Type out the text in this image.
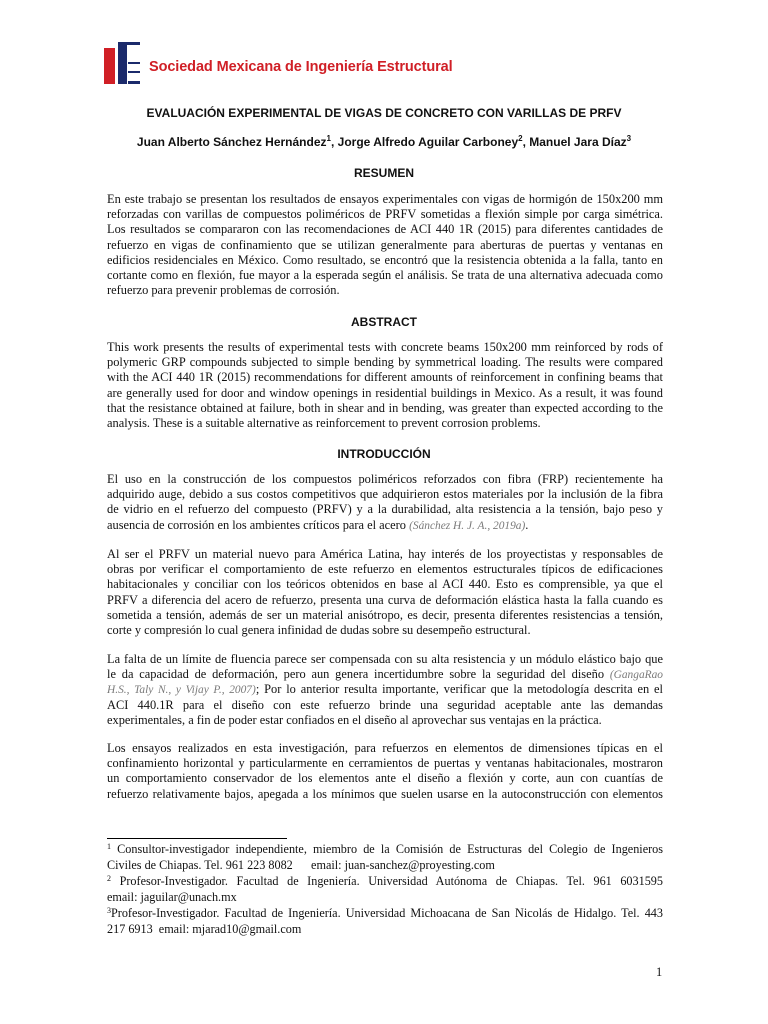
Sociedad Mexicana de Ingeniería Estructural
EVALUACIÓN EXPERIMENTAL DE VIGAS DE CONCRETO CON VARILLAS DE PRFV
Juan Alberto Sánchez Hernández$^1$, Jorge Alfredo Aguilar Carboney$^2$, Manuel Jara Díaz$^3$
RESUMEN
En este trabajo se presentan los resultados de ensayos experimentales con vigas de hormigón de 150x200 mm
reforzadas con varillas de compuestos poliméricos de PRFV sometidas a flexión simple por carga simétrica.
Los resultados se compararon con las recomendaciones de ACI 440 1R (2015) para diferentes cantidades de
refuerzo en vigas de confinamiento que se utilizan generalmente para aberturas de puertas y ventanas en
edificios residenciales en México. Como resultado, se encontró que la resistencia obtenida a la falla, tanto en
cortante como en flexión, fue mayor a la esperada según el análisis. Se trata de una alternativa adecuada como
refuerzo para prevenir problemas de corrosión.
ABSTRACT
This work presents the results of experimental tests with concrete beams 150x200 mm reinforced by rods of
polymeric GRP compounds subjected to simple bending by symmetrical loading. The results were compared
with the ACI 440 1R (2015) recommendations for different amounts of reinforcement in confining beams that
are generally used for door and window openings in residential buildings in Mexico. As a result, it was found
that the resistance obtained at failure, both in shear and in bending, was greater than expected according to the
analysis. These is a suitable alternative as reinforcement to prevent corrosion problems.
INTRODUCCIÓN
El uso en la construcción de los compuestos poliméricos reforzados con fibra (FRP) recientemente ha
adquirido auge, debido a sus costos competitivos que adquirieron estos materiales por la inclusión de la fibra
de vidrio en el refuerzo del compuesto (PRFV) y a la durabilidad, alta resistencia a la tensión, bajo peso y
ausencia de corrosión en los ambientes críticos para el acero (Sánchez H. J. A., 2019a).
Al ser el PRFV un material nuevo para América Latina, hay interés de los proyectistas y responsables de
obras por verificar el comportamiento de este refuerzo en elementos estructurales típicos de edificaciones
habitacionales y conciliar con los teóricos obtenidos en base al ACI 440. Esto es comprensible, ya que el
PRFV a diferencia del acero de refuerzo, presenta una curva de deformación elástica hasta la falla cuando es
sometida a tensión, además de ser un material anisótropo, es decir, presenta diferentes resistencias a tensión,
corte y compresión lo cual genera infinidad de dudas sobre su desempeño estructural.
La falta de un límite de fluencia parece ser compensada con su alta resistencia y un módulo elástico bajo que
le da capacidad de deformación, pero aun genera incertidumbre sobre la seguridad del diseño (GangaRao
H.S., Taly N., y Vijay P., 2007); Por lo anterior resulta importante, verificar que la metodología descrita en el
ACI 440.1R para el diseño con este refuerzo brinde una seguridad aceptable ante las demandas
experimentales, a fin de poder estar confiados en el diseño al aprovechar sus ventajas en la práctica.
Los ensayos realizados en esta investigación, para refuerzos en elementos de dimensiones típicas en el
confinamiento horizontal y particularmente en cerramientos de puertas y ventanas habitacionales, mostraron
un comportamiento conservador de los elementos ante el diseño a flexión y corte, aun con cuantías de
refuerzo relativamente bajos, apegada a los mínimos que suelen usarse en la autoconstrucción con elementos
$^1$ Consultor-investigador independiente, miembro de la Comisión de Estructuras del Colegio de Ingenieros
Civiles de Chiapas. Tel. 961 223 8082      email: juan-sanchez@proyesting.com
$^2$ Profesor-Investigador. Facultad de Ingeniería. Universidad Autónoma de Chiapas. Tel. 961 6031595
email: jaguilar@unach.mx
$^3$Profesor-Investigador. Facultad de Ingeniería. Universidad Michoacana de San Nicolás de Hidalgo. Tel. 443
217 6913  email: mjarad10@gmail.com
1
